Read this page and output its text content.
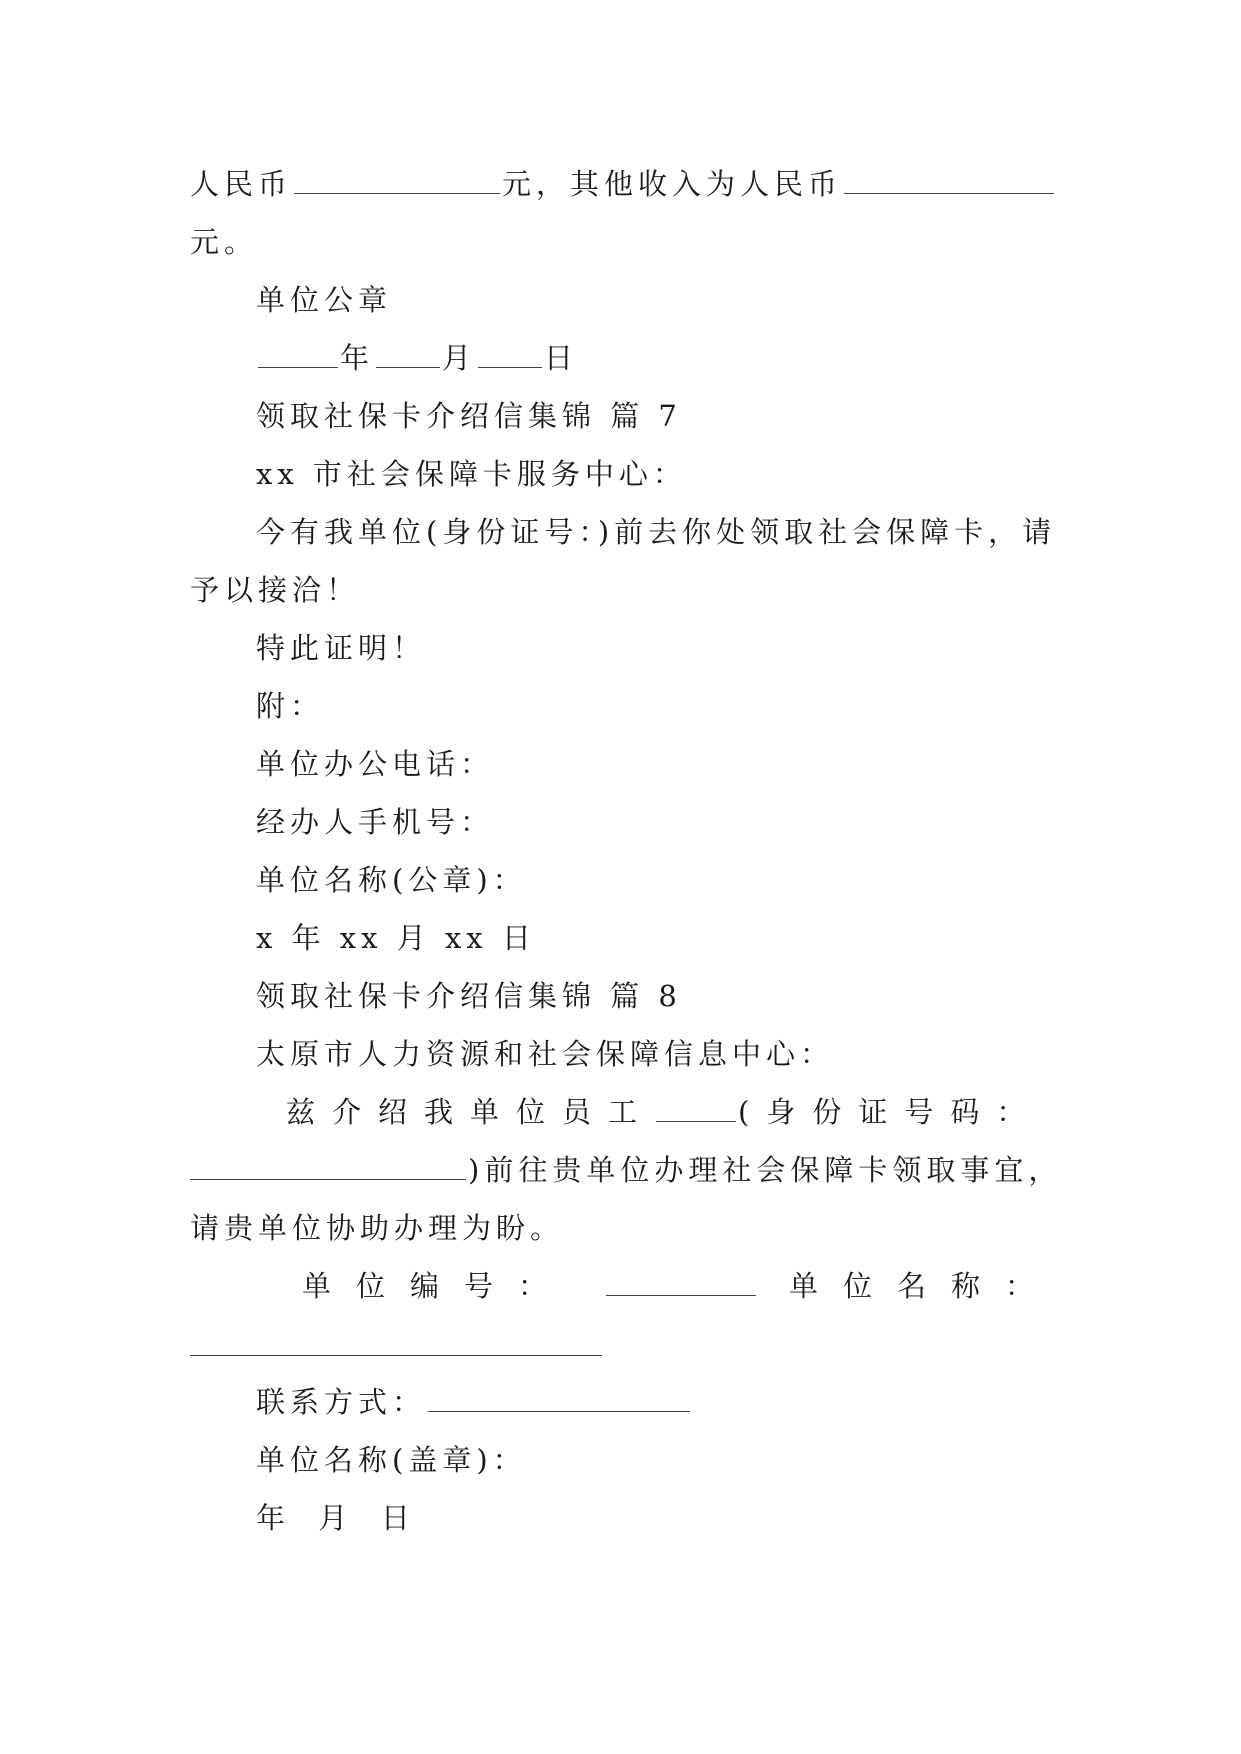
人民币	元，其他收入为人民币
元。
单位公章
年 月 日
领取社保卡介绍信集锦 篇 7
xx 市社会保障卡服务中心：
今有我单位(身份证号：)前去你处领取社会保障卡，请
予以接洽！
特此证明！
附：
单位办公电话：
经办人手机号：
单位名称(公章)：
x 年 xx 月 xx 日
领取社保卡介绍信集锦 篇 8
太原市人力资源和社会保障信息中心：
兹介绍我单位员工	(身份证号码：
)前往贵单位办理社会保障卡领取事宜，
请贵单位协助办理为盼。
单位编号：	单位名称：
联系方式：
单位名称(盖章)：
年  月  日
